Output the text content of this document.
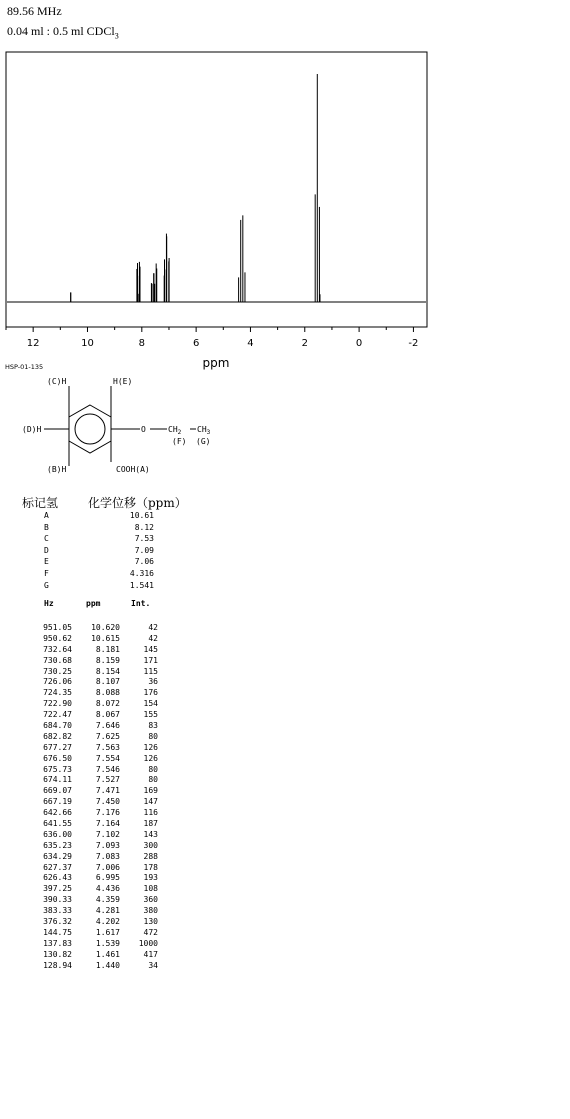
89.56 MHz
0.04 ml : 0.5 ml CDCl$_3$
12	10	8	6	4	2	0	-2
ppm
HSP-01-135
(C)H	H(E)
(D)H
(B)H
O	$CH_2$ $CH_3$
(F) (G)
COOH(A)
标记氢 化学位移（ppm）
A	10.61
B	8.12
C	7.53
D	7.09
E	7.06
F	4.316
G	1.541
Hz	ppm	Int.
951.05	10.620	42
950.62	10.615	42
732.64	8.181	145
730.68	8.159	171
730.25	8.154	115
726.06	8.107	36
724.35	8.088	176
722.90	8.072	154
722.47	8.067	155
684.70	7.646	83
682.82	7.625	80
677.27	7.563	126
676.50	7.554	126
675.73	7.546	80
674.11	7.527	80
669.07	7.471	169
667.19	7.450	147
642.66	7.176	116
641.55	7.164	187
636.00	7.102	143
635.23	7.093	300
634.29	7.083	288
627.37	7.006	178
626.43	6.995	193
397.25	4.436	108
390.33	4.359	360
383.33	4.281	380
376.32	4.202	130
144.75	1.617	472
137.83	1.539	1000
130.82	1.461	417
128.94	1.440	34
